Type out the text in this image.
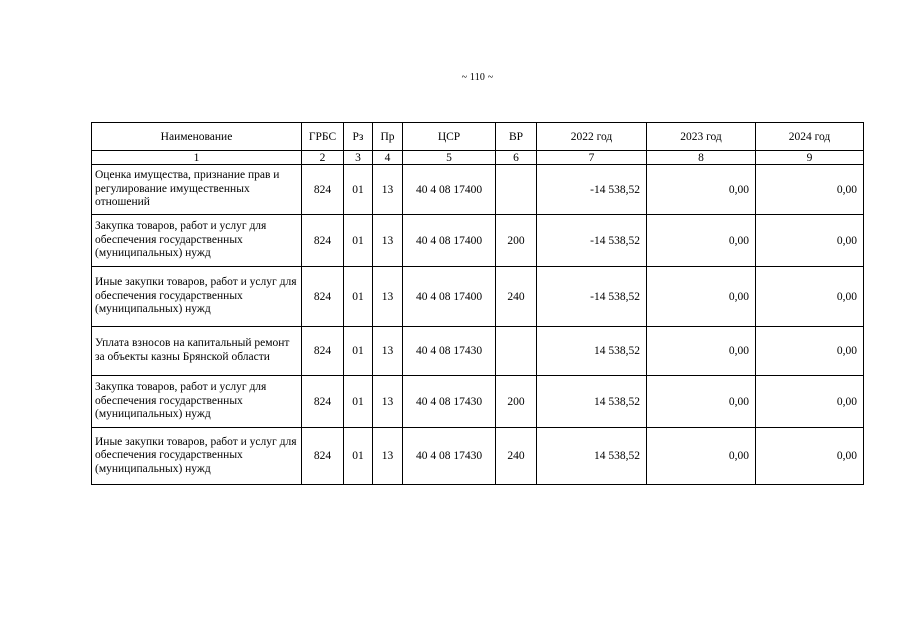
~ 110 ~
Наименование	ГРБС	Рз	Пр	ЦСР	ВР	2022 год	2023 год	2024 год
1	2	3	4	5	6	7	8	9
Оценка имущества, признание прав и регулирование имущественных отношений	824	01	13	40 4 08 17400		-14 538,52	0,00	0,00
Закупка товаров, работ и услуг для обеспечения государственных (муниципальных) нужд	824	01	13	40 4 08 17400	200	-14 538,52	0,00	0,00
Иные закупки товаров, работ и услуг для обеспечения государственных (муниципальных) нужд	824	01	13	40 4 08 17400	240	-14 538,52	0,00	0,00
Уплата взносов на капитальный ремонт за объекты казны Брянской области	824	01	13	40 4 08 17430		14 538,52	0,00	0,00
Закупка товаров, работ и услуг для обеспечения государственных (муниципальных) нужд	824	01	13	40 4 08 17430	200	14 538,52	0,00	0,00
Иные закупки товаров, работ и услуг для обеспечения государственных (муниципальных) нужд	824	01	13	40 4 08 17430	240	14 538,52	0,00	0,00
